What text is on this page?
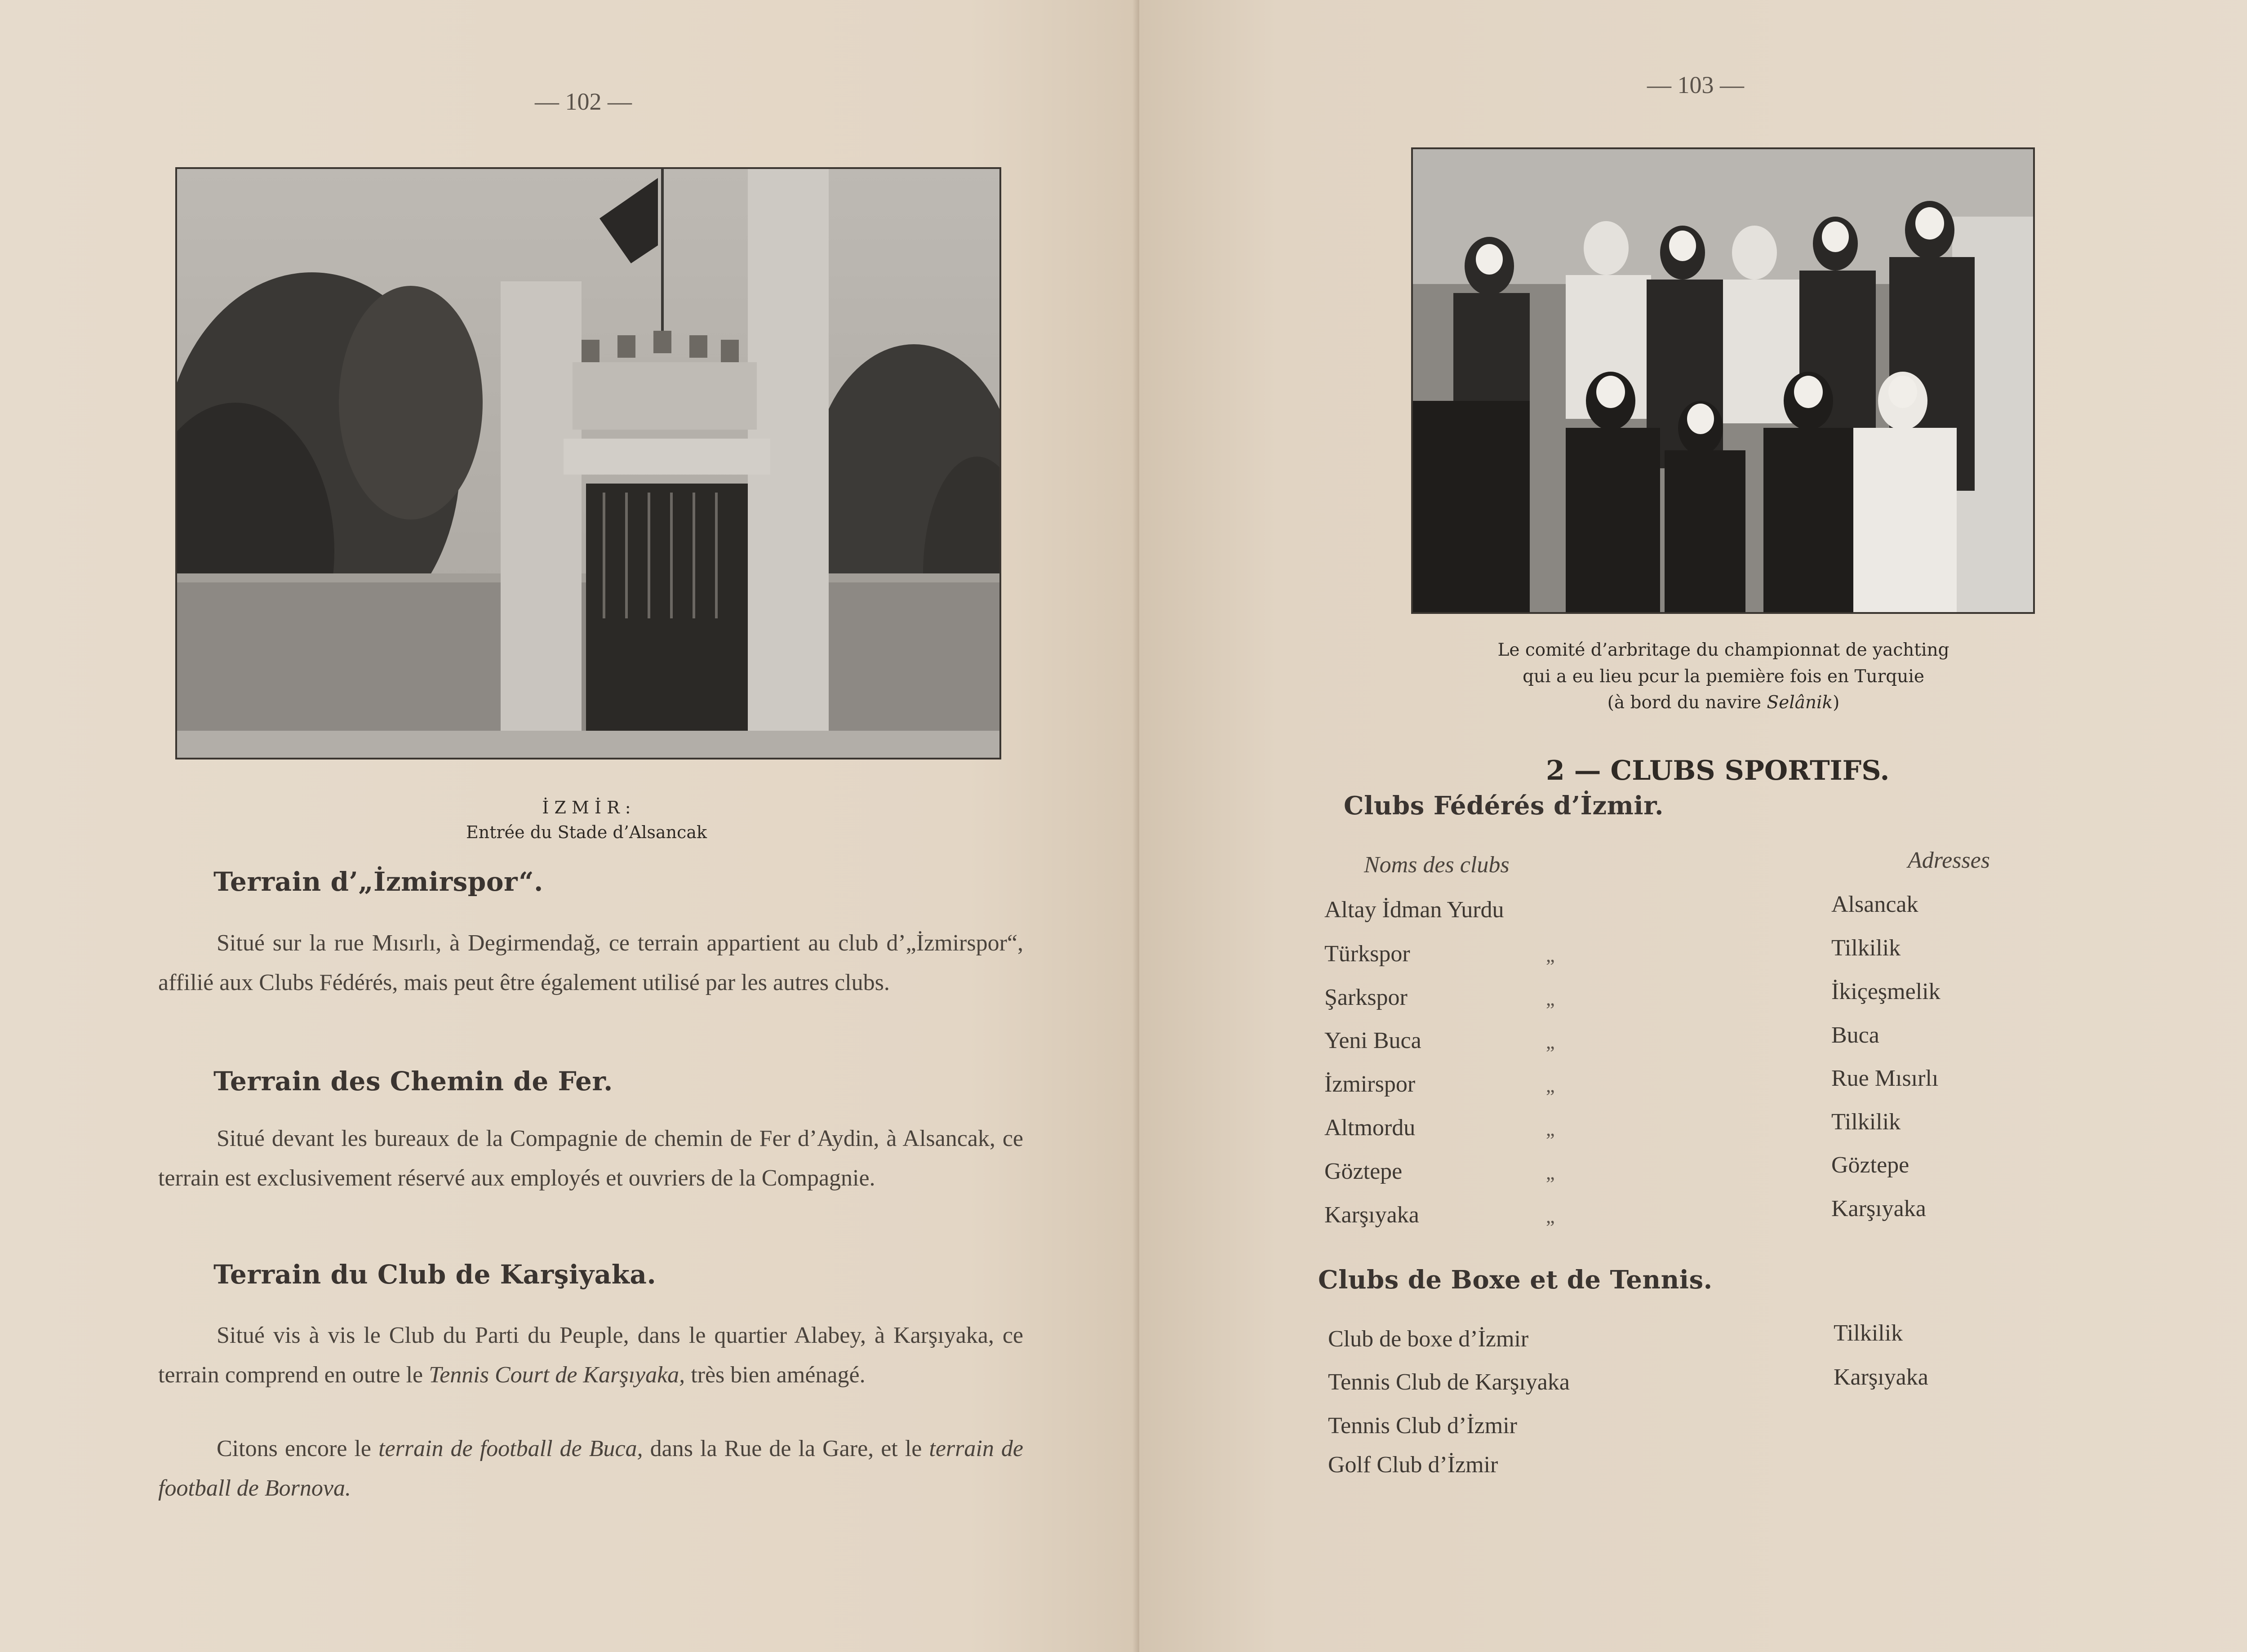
— 102 —

İ Z M İ R :
Entrée du Stade d’Alsancak

Terrain d’„İzmirspor“.

Situé sur la rue Mısırlı, à Degirmendağ, ce terrain appartient au club d’„İzmirspor“, affilié aux Clubs Fédérés, mais peut être également utilisé par les autres clubs.

Terrain des Chemin de Fer.

Situé devant les bureaux de la Compagnie de chemin de Fer d’Aydin, à Alsancak, ce terrain est exclusivement réservé aux employés et ouvriers de la Compagnie.

Terrain du Club de Karşiyaka.

Situé vis à vis le Club du Parti du Peuple, dans le quartier Alabey, à Karşıyaka, ce terrain comprend en outre le Tennis Court de Karşıyaka, très bien aménagé.

Citons encore le terrain de football de Buca, dans la Rue de la Gare, et le terrain de football de Bornova.

— 103 —

Le comité d’arbritage du championnat de yachting
qui a eu lieu pcur la pıemière fois en Turquie
(à bord du navire Selânik)

2 — CLUBS SPORTIFS.

Clubs Fédérés d’İzmir.

Noms des clubs	Adresses

Altay İdman Yurdu	Alsancak

Türkspor	„	Tilkilik

Şarkspor	„	İkiçeşmelik

Yeni Buca	„	Buca

İzmirspor	„	Rue Mısırlı

Altmordu	„	Tilkilik

Göztepe	„	Göztepe

Karşıyaka	„	Karşıyaka

Clubs de Boxe et de Tennis.

Club de boxe d’İzmir	Tilkilik

Tennis Club de Karşıyaka	Karşıyaka

Tennis Club d’İzmir

Golf Club d’İzmir
